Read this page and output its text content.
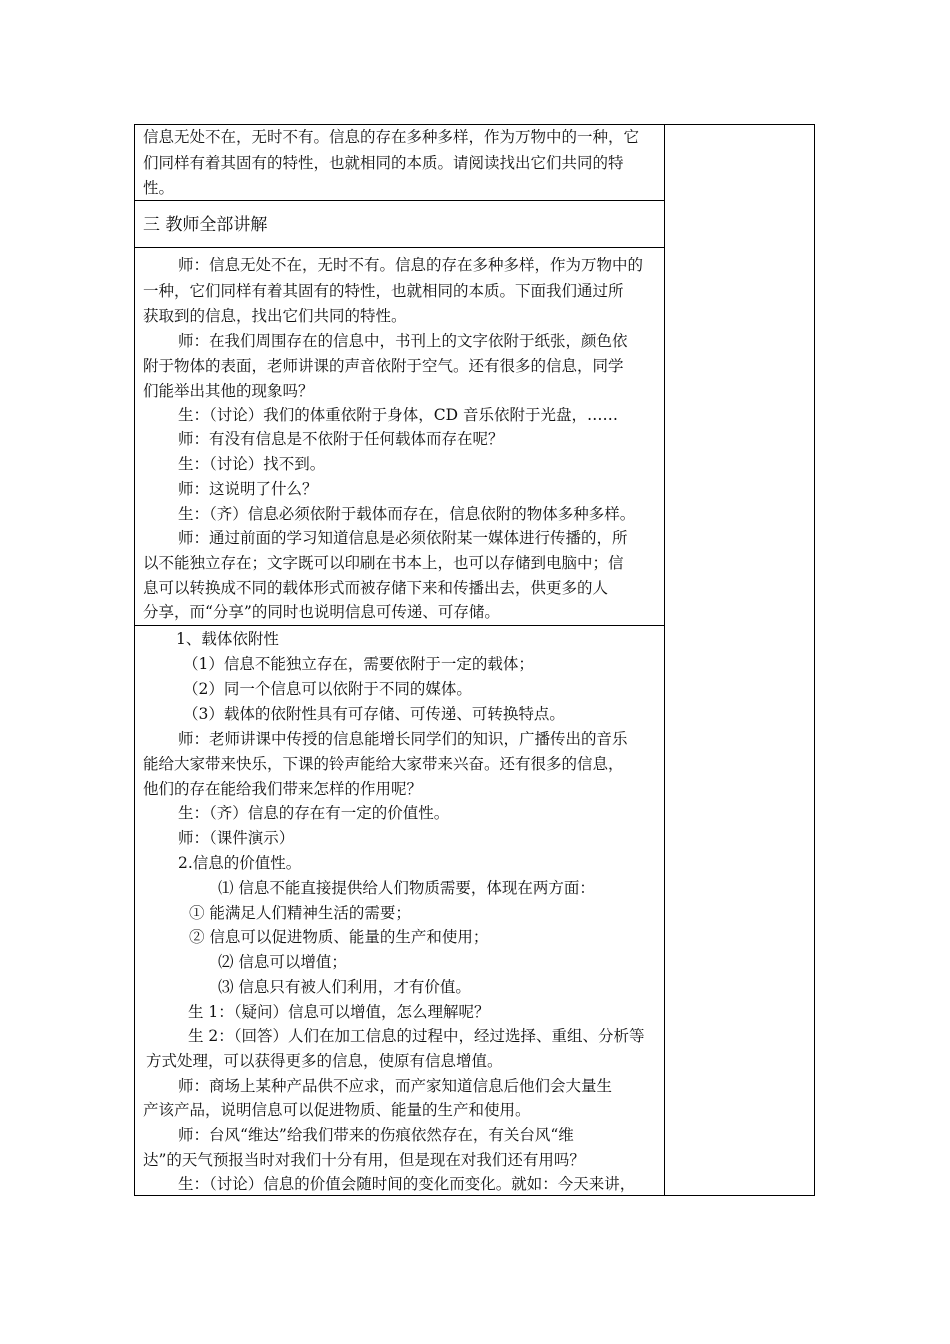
信息无处不在，无时不有。信息的存在多种多样，作为万物中的一种，它
们同样有着其固有的特性，也就相同的本质。请阅读找出它们共同的特
性。
三 教师全部讲解
师：信息无处不在，无时不有。信息的存在多种多样，作为万物中的
一种，它们同样有着其固有的特性，也就相同的本质。下面我们通过所
获取到的信息，找出它们共同的特性。
师：在我们周围存在的信息中，书刊上的文字依附于纸张，颜色依
附于物体的表面，老师讲课的声音依附于空气。还有很多的信息，同学
们能举出其他的现象吗？
生：（讨论）我们的体重依附于身体，CD 音乐依附于光盘，……
师：有没有信息是不依附于任何载体而存在呢？
生：（讨论）找不到。
师：这说明了什么？
生：（齐）信息必须依附于载体而存在，信息依附的物体多种多样。
师：通过前面的学习知道信息是必须依附某一媒体进行传播的，所
以不能独立存在；文字既可以印刷在书本上，也可以存储到电脑中；信
息可以转换成不同的载体形式而被存储下来和传播出去，供更多的人
分享，而“分享”的同时也说明信息可传递、可存储。
1、载体依附性
（1）信息不能独立存在，需要依附于一定的载体；
（2）同一个信息可以依附于不同的媒体。
（3）载体的依附性具有可存储、可传递、可转换特点。
师：老师讲课中传授的信息能增长同学们的知识，广播传出的音乐
能给大家带来快乐，下课的铃声能给大家带来兴奋。还有很多的信息，
他们的存在能给我们带来怎样的作用呢？
生：（齐）信息的存在有一定的价值性。
师：（课件演示）
2.信息的价值性。
⑴ 信息不能直接提供给人们物质需要，体现在两方面：
① 能满足人们精神生活的需要；
② 信息可以促进物质、能量的生产和使用；
⑵ 信息可以增值；
⑶ 信息只有被人们利用，才有价值。
生 1：（疑问）信息可以增值，怎么理解呢？
生 2：（回答）人们在加工信息的过程中，经过选择、重组、分析等
方式处理，可以获得更多的信息，使原有信息增值。
师：商场上某种产品供不应求，而产家知道信息后他们会大量生
产该产品，说明信息可以促进物质、能量的生产和使用。
师：台风“维达”给我们带来的伤痕依然存在，有关台风“维
达”的天气预报当时对我们十分有用，但是现在对我们还有用吗？
生：（讨论）信息的价值会随时间的变化而变化。就如：今天来讲，
